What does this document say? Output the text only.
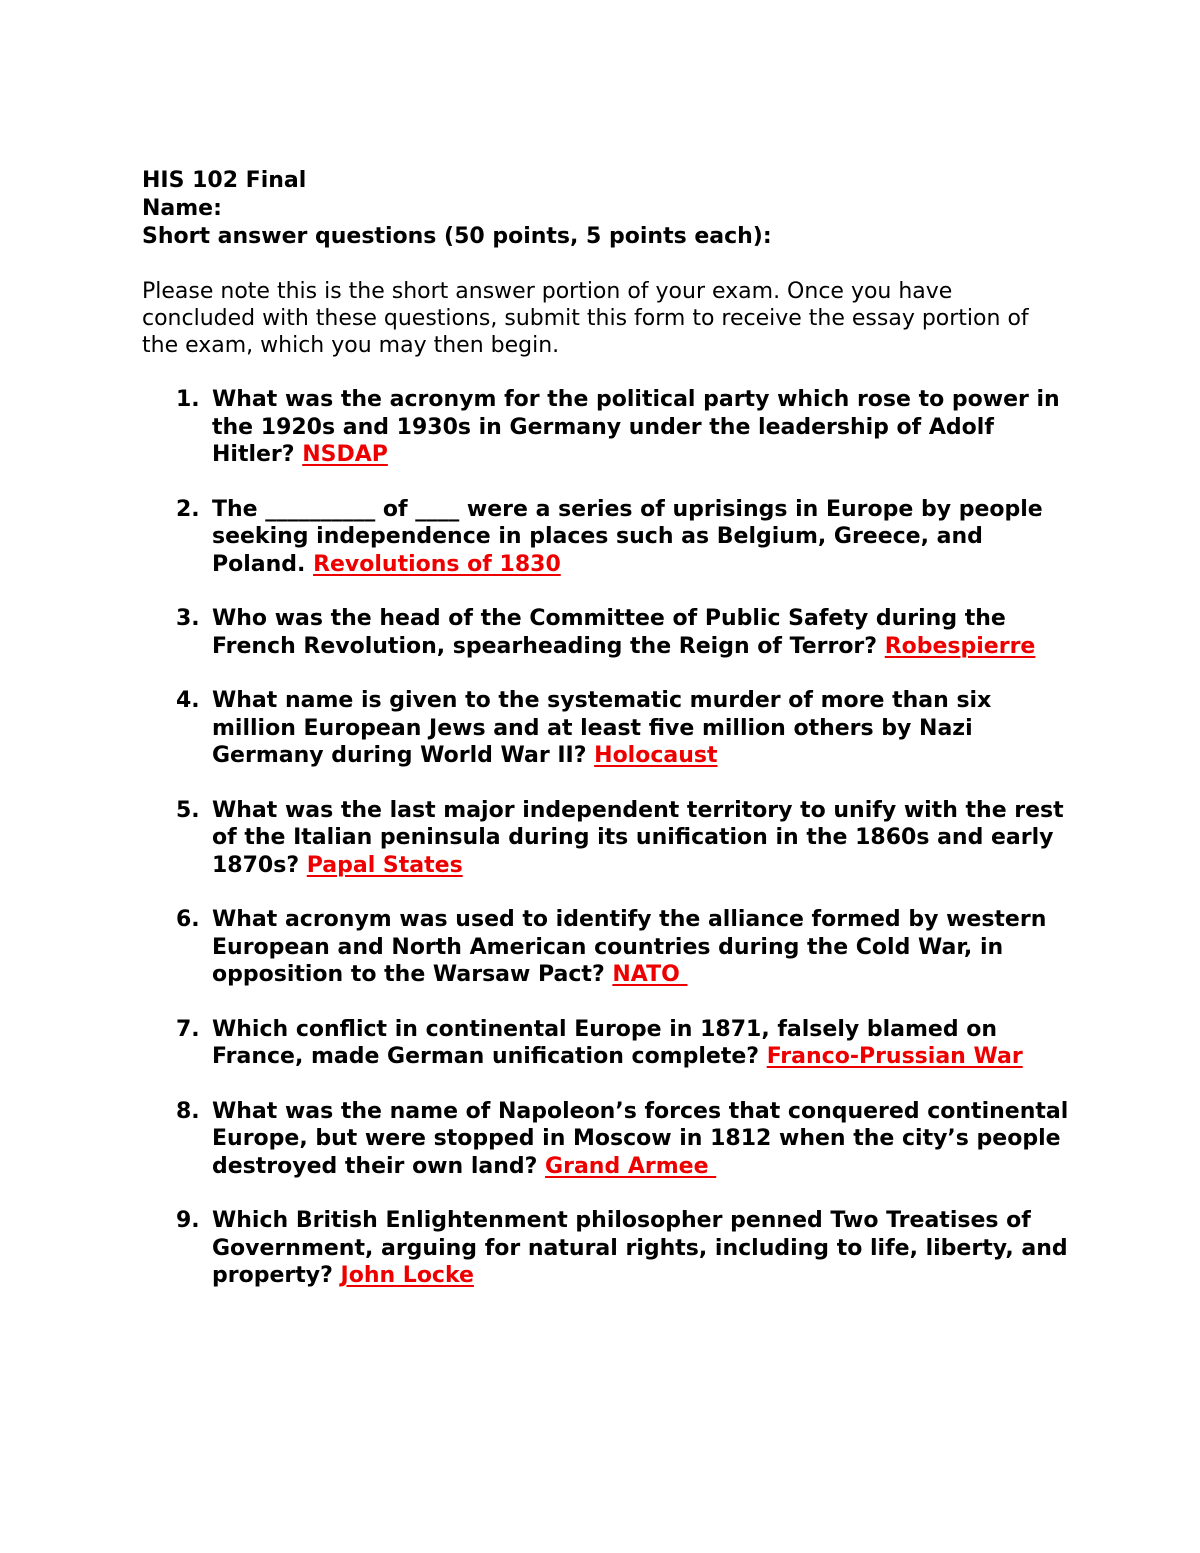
HIS 102 Final

Name:

Short answer questions (50 points, 5 points each):

Please note this is the short answer portion of your exam. Once you have concluded with these questions, submit this form to receive the essay portion of the exam, which you may then begin.

1. What was the acronym for the political party which rose to power in the 1920s and 1930s in Germany under the leadership of Adolf Hitler? NSDAP
2. The __________ of ____ were a series of uprisings in Europe by people seeking independence in places such as Belgium, Greece, and Poland. Revolutions of 1830
3. Who was the head of the Committee of Public Safety during the French Revolution, spearheading the Reign of Terror? Robespierre
4. What name is given to the systematic murder of more than six million European Jews and at least five million others by Nazi Germany during World War II? Holocaust
5. What was the last major independent territory to unify with the rest of the Italian peninsula during its unification in the 1860s and early 1870s? Papal States
6. What acronym was used to identify the alliance formed by western European and North American countries during the Cold War, in opposition to the Warsaw Pact? NATO
7. Which conflict in continental Europe in 1871, falsely blamed on France, made German unification complete? Franco-Prussian War
8. What was the name of Napoleon’s forces that conquered continental Europe, but were stopped in Moscow in 1812 when the city’s people destroyed their own land? Grand Armee
9. Which British Enlightenment philosopher penned Two Treatises of Government, arguing for natural rights, including to life, liberty, and property? John Locke
